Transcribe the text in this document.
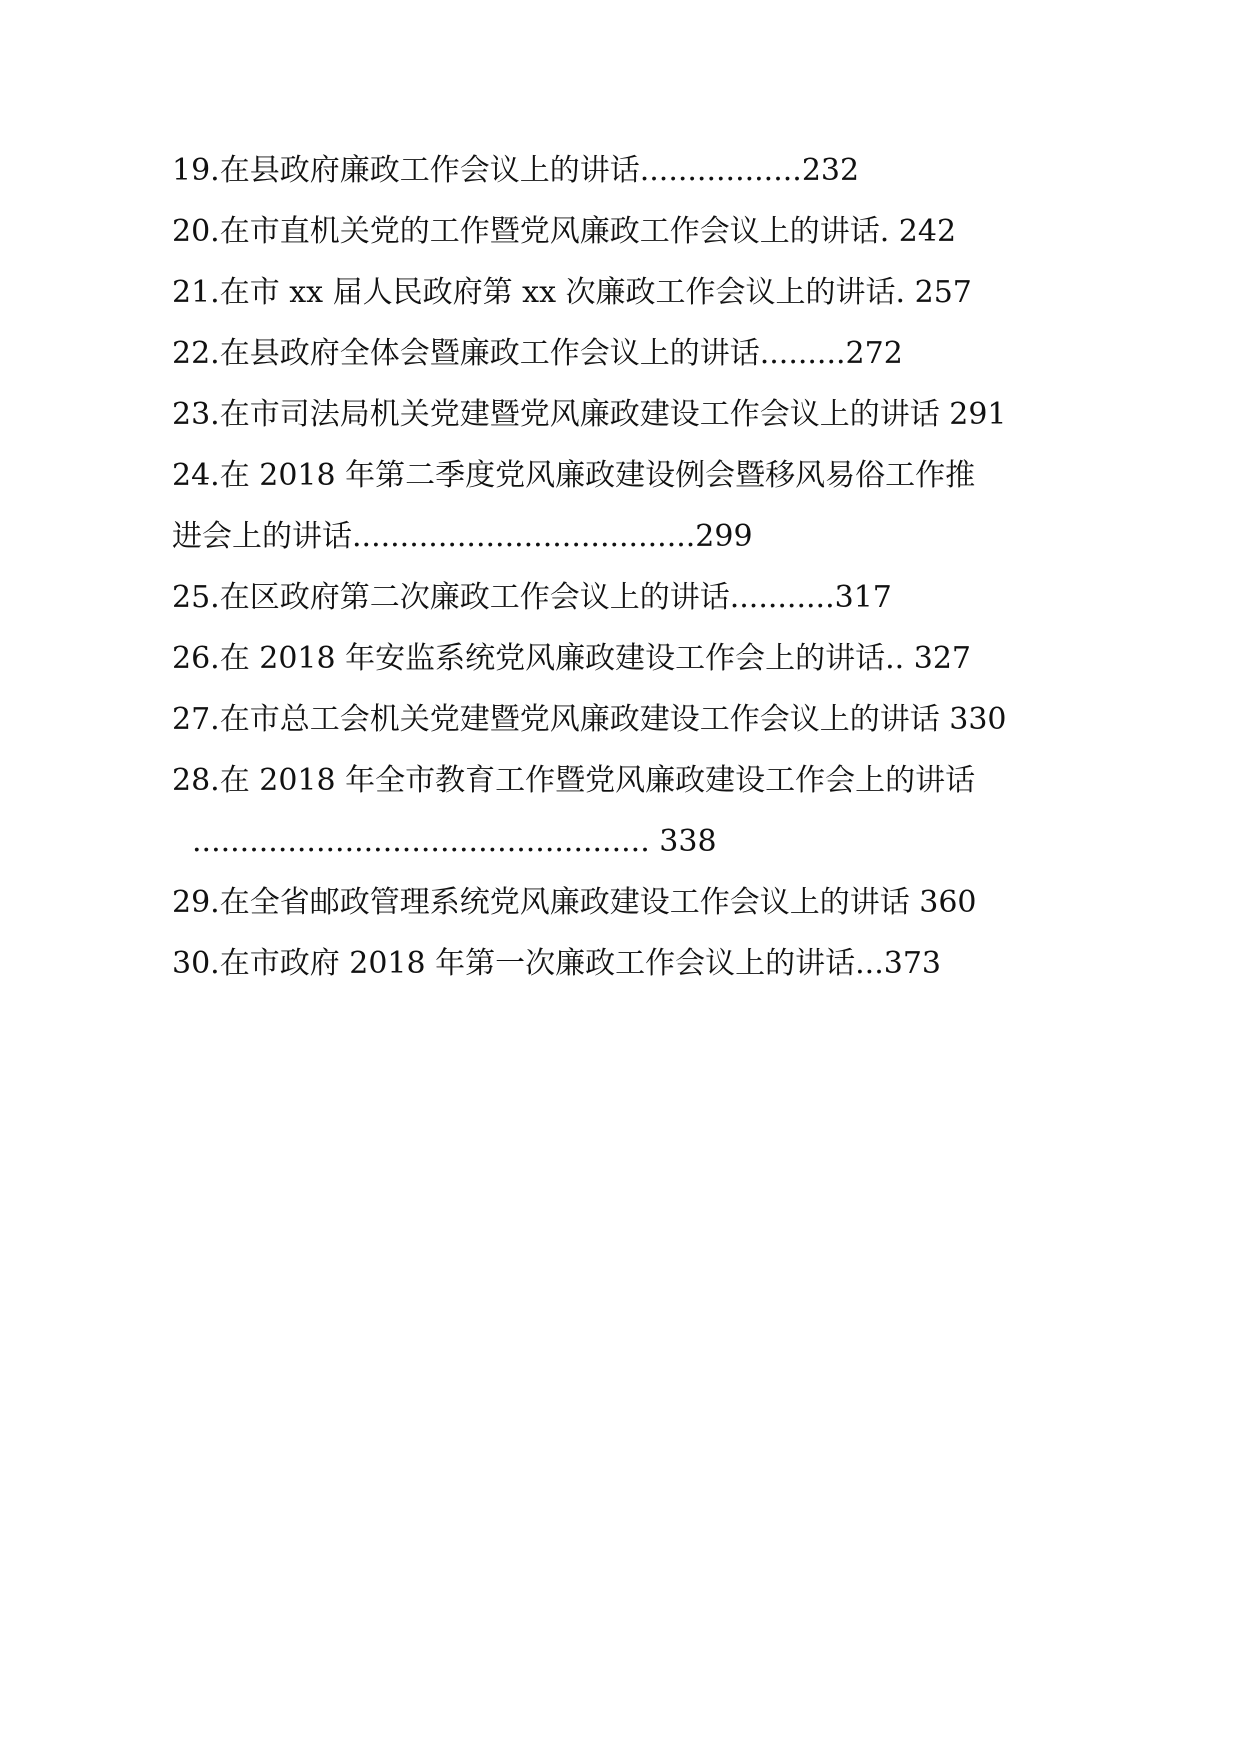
19.在县政府廉政工作会议上的讲话.................232
20.在市直机关党的工作暨党风廉政工作会议上的讲话. 242
21.在市 xx 届人民政府第 xx 次廉政工作会议上的讲话. 257
22.在县政府全体会暨廉政工作会议上的讲话.........272
23.在市司法局机关党建暨党风廉政建设工作会议上的讲话 291
24.在 2018 年第二季度党风廉政建设例会暨移风易俗工作推
进会上的讲话....................................299
25.在区政府第二次廉政工作会议上的讲话...........317
26.在 2018 年安监系统党风廉政建设工作会上的讲话.. 327
27.在市总工会机关党建暨党风廉政建设工作会议上的讲话 330
28.在 2018 年全市教育工作暨党风廉政建设工作会上的讲话
................................................ 338
29.在全省邮政管理系统党风廉政建设工作会议上的讲话 360
30.在市政府 2018 年第一次廉政工作会议上的讲话...373
